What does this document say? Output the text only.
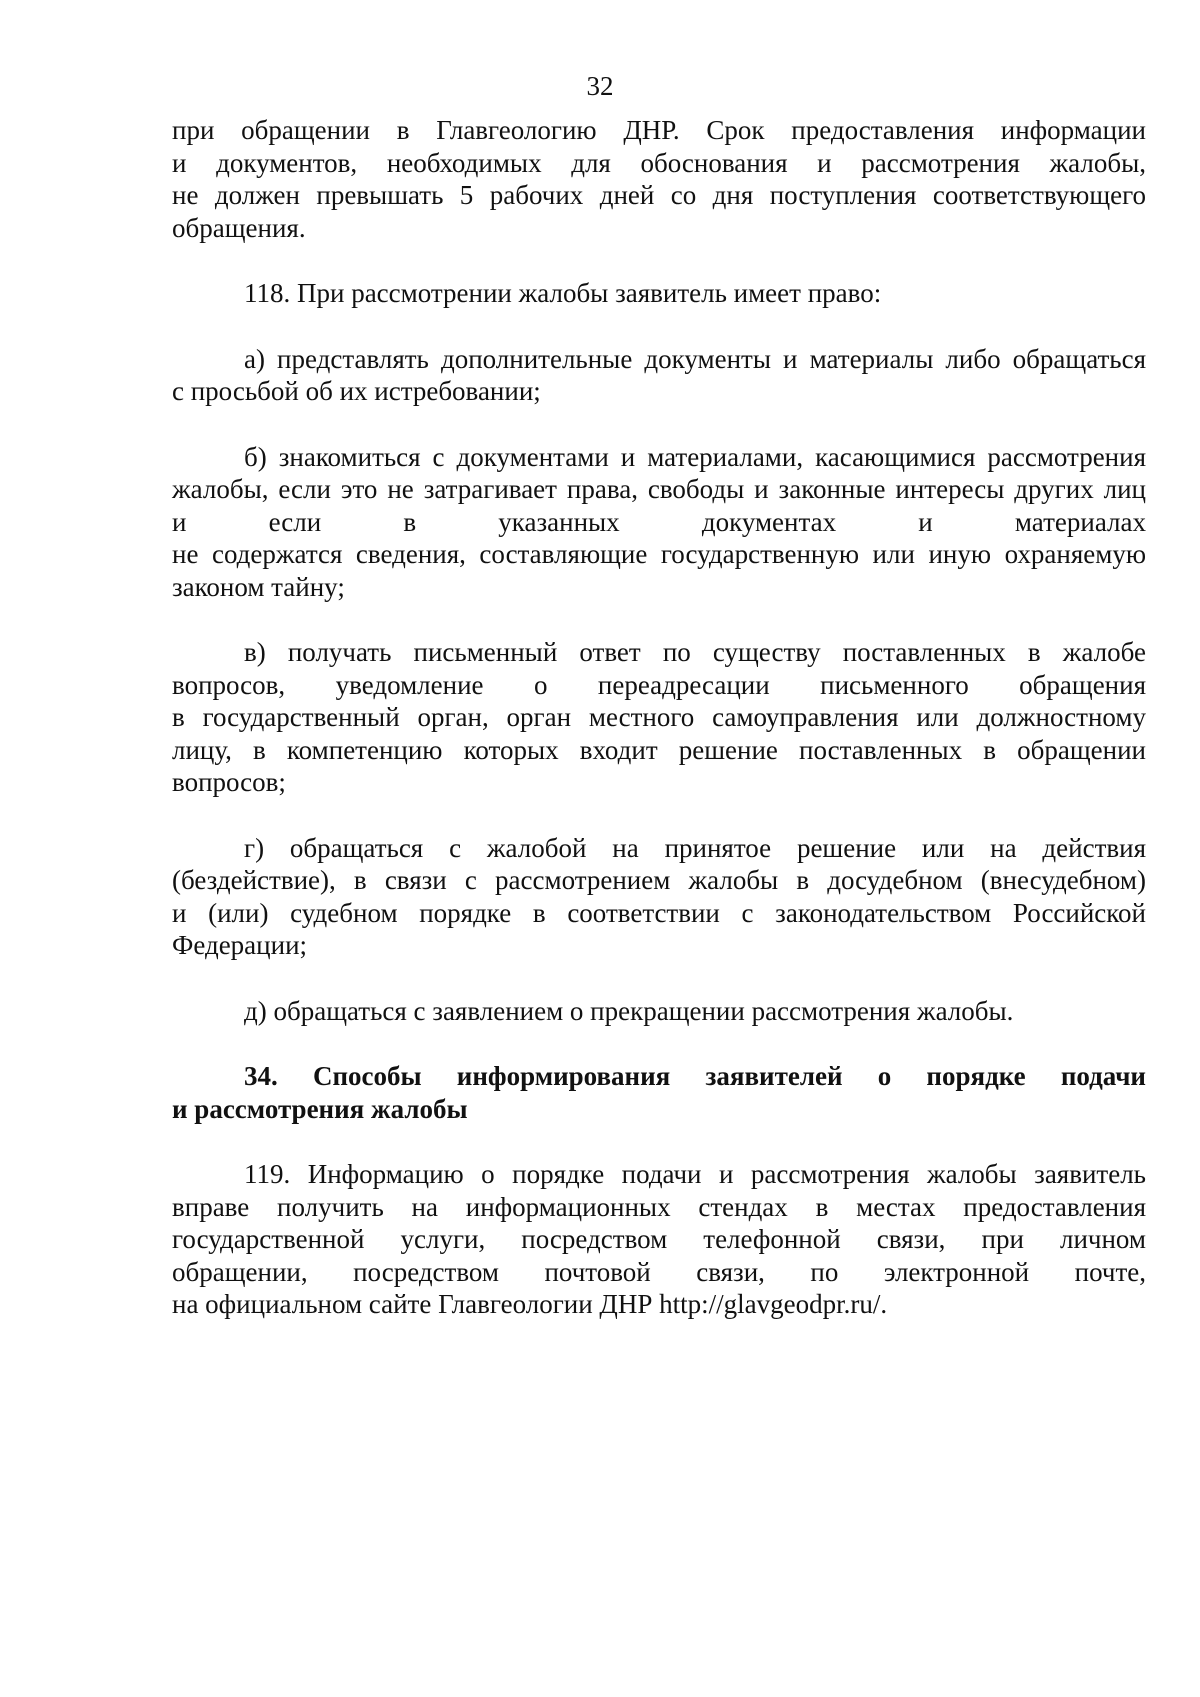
32
при обращении в Главгеологию ДНР. Срок предоставления информации
и документов, необходимых для обоснования и рассмотрения жалобы,
не должен превышать 5 рабочих дней со дня поступления соответствующего
обращения.
118. При рассмотрении жалобы заявитель имеет право:
а) представлять дополнительные документы и материалы либо обращаться
с просьбой об их истребовании;
б) знакомиться с документами и материалами, касающимися рассмотрения
жалобы, если это не затрагивает права, свободы и законные интересы других лиц
и если в указанных документах и материалах
не содержатся сведения, составляющие государственную или иную охраняемую
законом тайну;
в) получать письменный ответ по существу поставленных в жалобе
вопросов, уведомление о переадресации письменного обращения
в государственный орган, орган местного самоуправления или должностному
лицу, в компетенцию которых входит решение поставленных в обращении
вопросов;
г) обращаться с жалобой на принятое решение или на действия
(бездействие), в связи с рассмотрением жалобы в досудебном (внесудебном)
и (или) судебном порядке в соответствии с законодательством Российской
Федерации;
д) обращаться с заявлением о прекращении рассмотрения жалобы.
34. Способы информирования заявителей о порядке подачи
и рассмотрения жалобы
119. Информацию о порядке подачи и рассмотрения жалобы заявитель
вправе получить на информационных стендах в местах предоставления
государственной услуги, посредством телефонной связи, при личном
обращении, посредством почтовой связи, по электронной почте,
на официальном сайте Главгеологии ДНР http://glavgeodpr.ru/.
